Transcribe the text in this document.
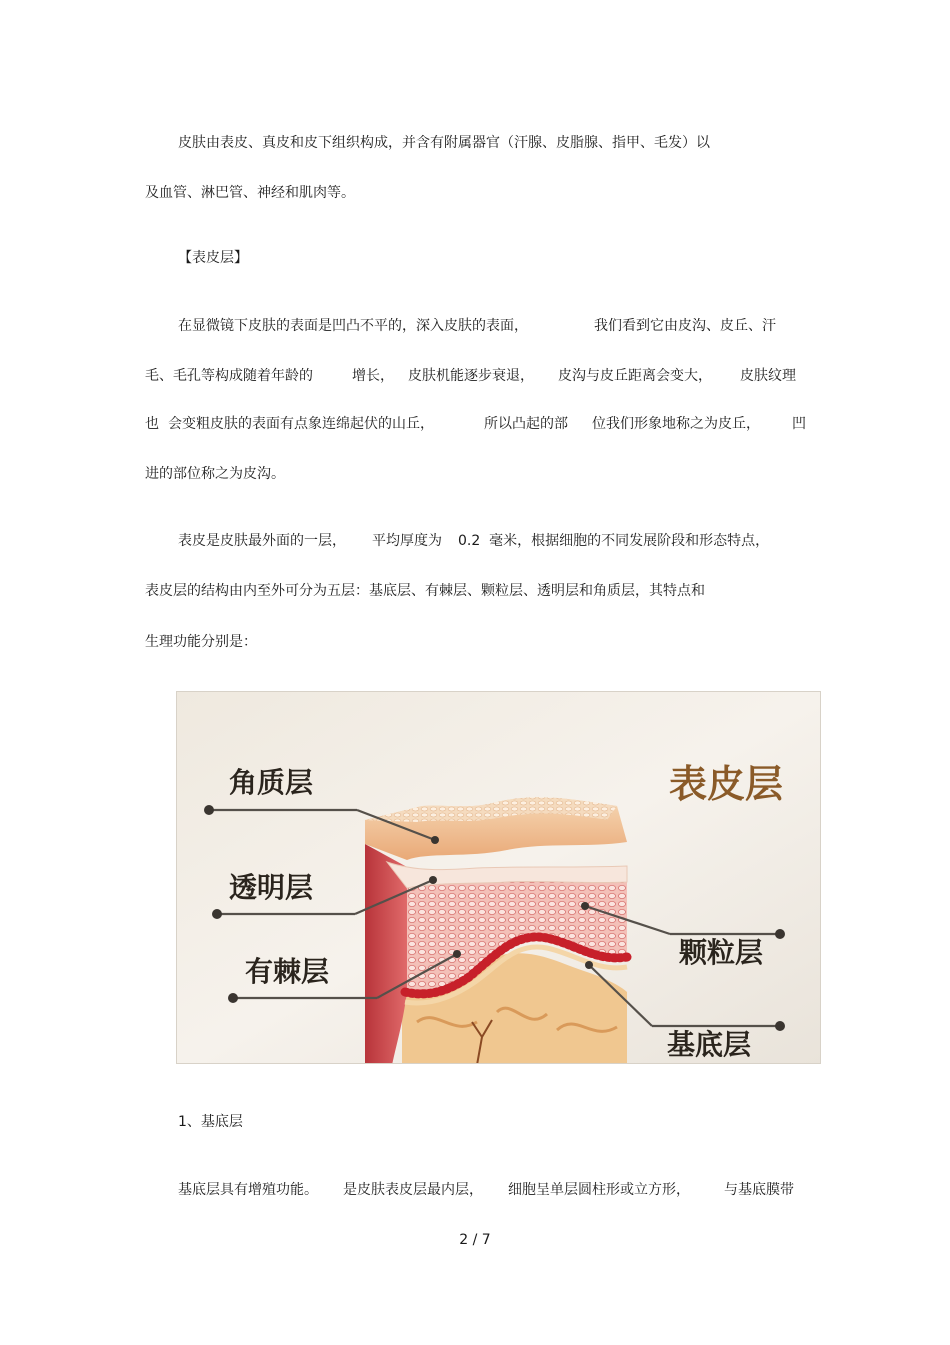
皮肤由表皮、真皮和皮下组织构成，并含有附属器官（汗腺、皮脂腺、指甲、毛发）以
及血管、淋巴管、神经和肌肉等。
【表皮层】
在显微镜下皮肤的表面是凹凸不平的，深入皮肤的表面，	我们看到它由皮沟、皮丘、汗
毛、毛孔等构成随着年龄的	增长， 皮肤机能逐步衰退， 皮沟与皮丘距离会变大， 皮肤纹理
也 会变粗皮肤的表面有点象连绵起伏的山丘，	所以凸起的部 位我们形象地称之为皮丘， 凹
进的部位称之为皮沟。
表皮是皮肤最外面的一层， 平均厚度为 0.2  毫米，根据细胞的不同发展阶段和形态特点，
表皮层的结构由内至外可分为五层：基底层、有棘层、颗粒层、透明层和角质层，其特点和
生理功能分别是：
表皮层
角质层
透明层
有棘层
颗粒层
基底层
1、基底层
基底层具有增殖功能。 是皮肤表皮层最内层， 细胞呈单层圆柱形或立方形， 与基底膜带
2 / 7
